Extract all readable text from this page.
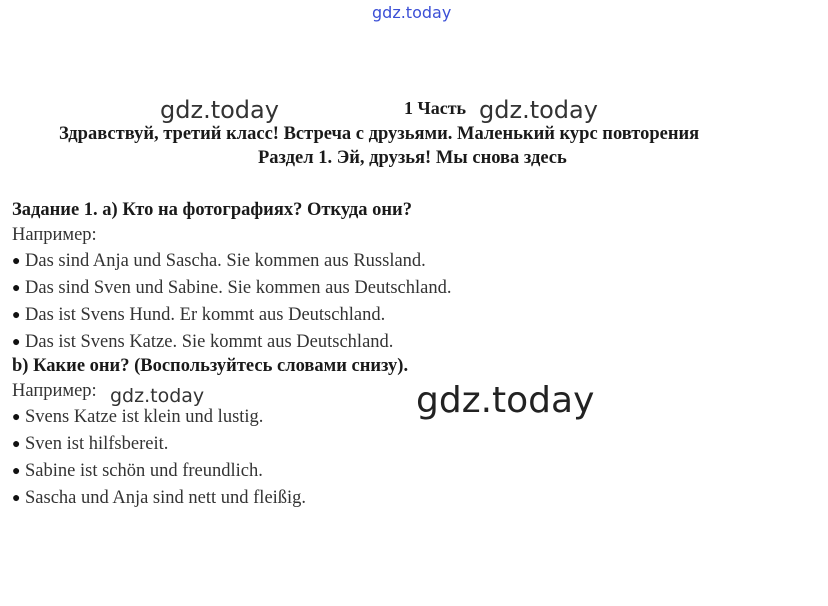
gdz.today
gdz.today	gdz.today
1 Часть
Здравствуй, третий класс! Встреча с друзьями. Маленький курс повторения
Раздел 1. Эй, друзья! Мы снова здесь
Задание 1. a) Кто на фотографиях? Откуда они?
Например:
● Das sind Anja und Sascha. Sie kommen aus Russland.
● Das sind Sven und Sabine. Sie kommen aus Deutschland.
● Das ist Svens Hund. Er kommt aus Deutschland.
● Das ist Svens Katze. Sie kommt aus Deutschland.
b) Какие они? (Воспользуйтесь словами снизу).
Например:
● Svens Katze ist klein und lustig.
● Sven ist hilfsbereit.
● Sabine ist schön und freundlich.
● Sascha und Anja sind nett und fleißig.
gdz.today	gdz.today
